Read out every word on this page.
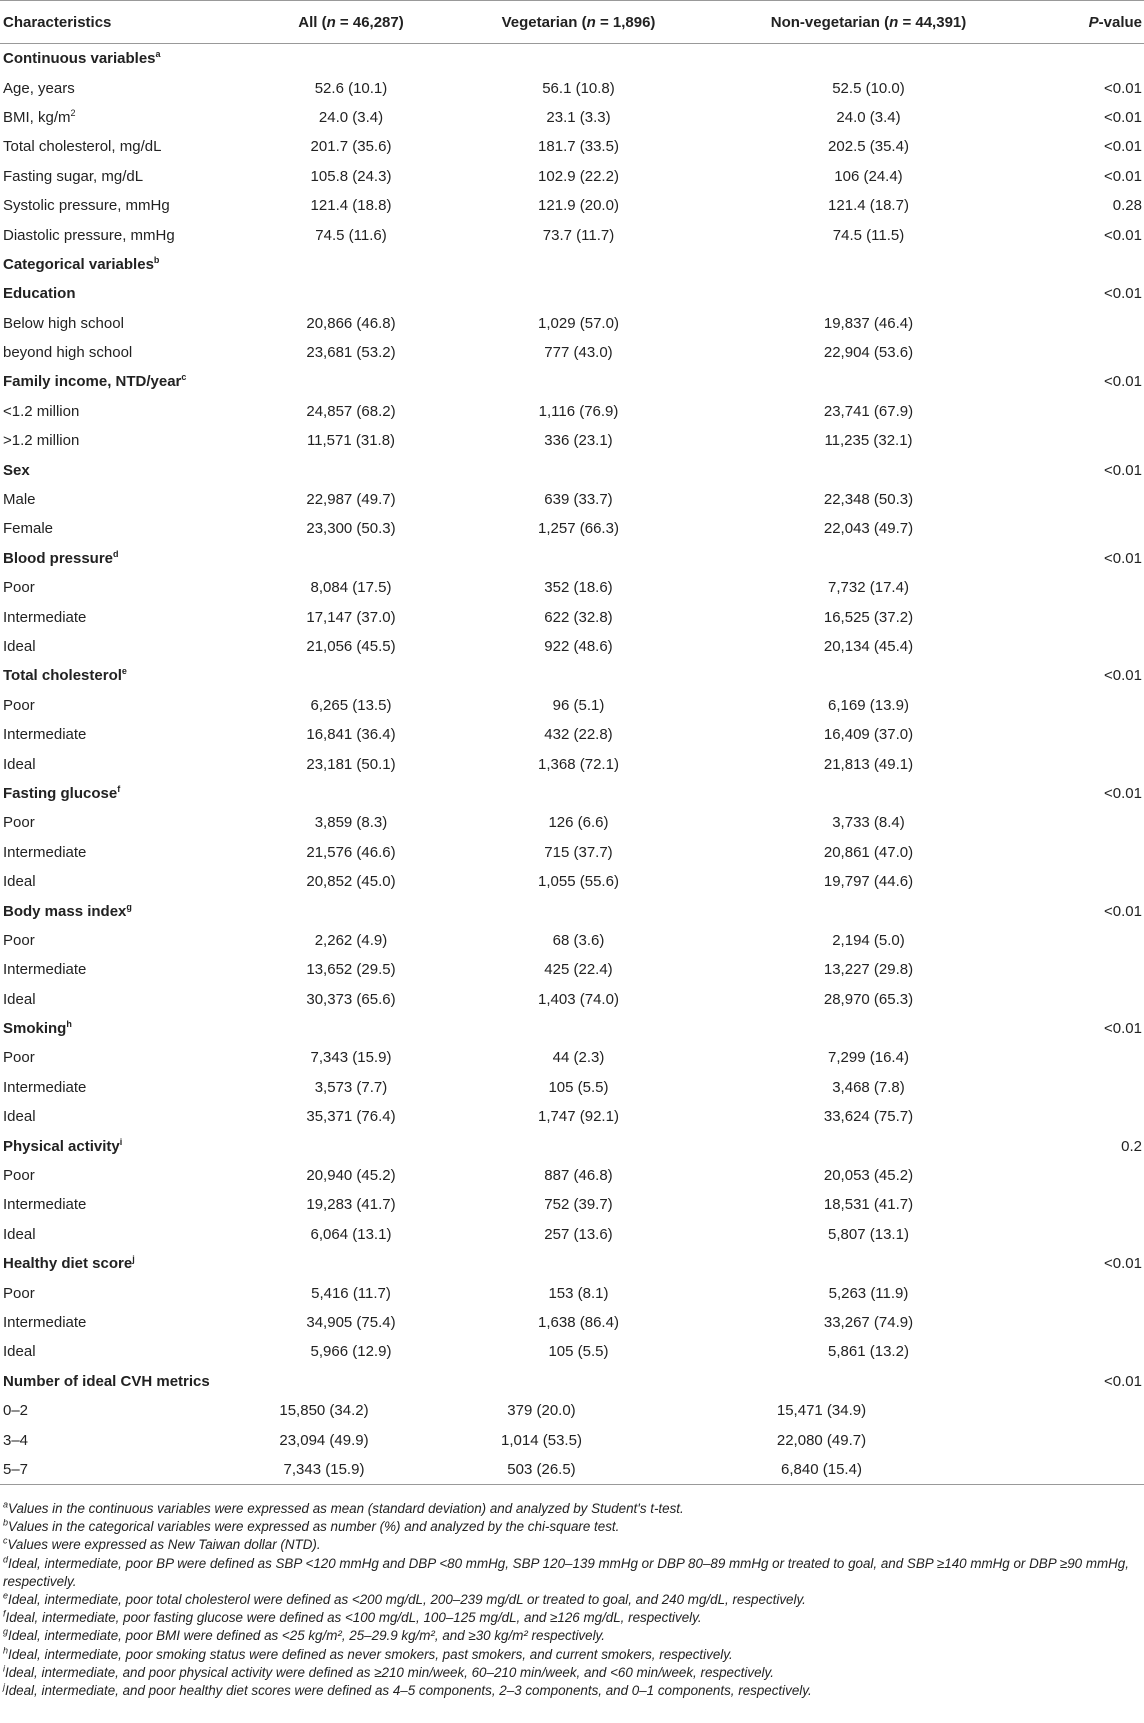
Characteristics	All (n = 46,287)	Vegetarian (n = 1,896)	Non-vegetarian (n = 44,391)	P-value
Continuous variables$^a$				
Age, years	52.6 (10.1)	56.1 (10.8)	52.5 (10.0)	<0.01
BMI, $kg/m^2$	24.0 (3.4)	23.1 (3.3)	24.0 (3.4)	<0.01
Total cholesterol, mg/dL	201.7 (35.6)	181.7 (33.5)	202.5 (35.4)	<0.01
Fasting sugar, mg/dL	105.8 (24.3)	102.9 (22.2)	106 (24.4)	<0.01
Systolic pressure, mmHg	121.4 (18.8)	121.9 (20.0)	121.4 (18.7)	0.28
Diastolic pressure, mmHg	74.5 (11.6)	73.7 (11.7)	74.5 (11.5)	<0.01
Categorical variables$^b$				
Education				<0.01
Below high school	20,866 (46.8)	1,029 (57.0)	19,837 (46.4)	
beyond high school	23,681 (53.2)	777 (43.0)	22,904 (53.6)	
Family income, NTD/year$^c$				<0.01
<1.2 million	24,857 (68.2)	1,116 (76.9)	23,741 (67.9)	
>1.2 million	11,571 (31.8)	336 (23.1)	11,235 (32.1)	
Sex				<0.01
Male	22,987 (49.7)	639 (33.7)	22,348 (50.3)	
Female	23,300 (50.3)	1,257 (66.3)	22,043 (49.7)	
Blood pressure$^d$				<0.01
Poor	8,084 (17.5)	352 (18.6)	7,732 (17.4)	
Intermediate	17,147 (37.0)	622 (32.8)	16,525 (37.2)	
Ideal	21,056 (45.5)	922 (48.6)	20,134 (45.4)	
Total cholesterol$^e$				<0.01
Poor	6,265 (13.5)	96 (5.1)	6,169 (13.9)	
Intermediate	16,841 (36.4)	432 (22.8)	16,409 (37.0)	
Ideal	23,181 (50.1)	1,368 (72.1)	21,813 (49.1)	
Fasting glucose$^f$				<0.01
Poor	3,859 (8.3)	126 (6.6)	3,733 (8.4)	
Intermediate	21,576 (46.6)	715 (37.7)	20,861 (47.0)	
Ideal	20,852 (45.0)	1,055 (55.6)	19,797 (44.6)	
Body mass index$^g$				<0.01
Poor	2,262 (4.9)	68 (3.6)	2,194 (5.0)	
Intermediate	13,652 (29.5)	425 (22.4)	13,227 (29.8)	
Ideal	30,373 (65.6)	1,403 (74.0)	28,970 (65.3)	
Smoking$^h$				<0.01
Poor	7,343 (15.9)	44 (2.3)	7,299 (16.4)	
Intermediate	3,573 (7.7)	105 (5.5)	3,468 (7.8)	
Ideal	35,371 (76.4)	1,747 (92.1)	33,624 (75.7)	
Physical activity$^i$				0.2
Poor	20,940 (45.2)	887 (46.8)	20,053 (45.2)	
Intermediate	19,283 (41.7)	752 (39.7)	18,531 (41.7)	
Ideal	6,064 (13.1)	257 (13.6)	5,807 (13.1)	
Healthy diet score$^j$				<0.01
Poor	5,416 (11.7)	153 (8.1)	5,263 (11.9)	
Intermediate	34,905 (75.4)	1,638 (86.4)	33,267 (74.9)	
Ideal	5,966 (12.9)	105 (5.5)	5,861 (13.2)	
Number of ideal CVH metrics				<0.01
0–2	15,850 (34.2)	379 (20.0)	15,471 (34.9)	
3–4	23,094 (49.9)	1,014 (53.5)	22,080 (49.7)	
5–7	7,343 (15.9)	503 (26.5)	6,840 (15.4)	

$^a$Values in the continuous variables were expressed as mean (standard deviation) and analyzed by Student's t-test.

$^b$Values in the categorical variables were expressed as number (%) and analyzed by the chi-square test.

$^c$Values were expressed as New Taiwan dollar (NTD).

$^d$Ideal, intermediate, poor BP were defined as SBP <120 mmHg and DBP <80 mmHg, SBP 120–139 mmHg or DBP 80–89 mmHg or treated to goal, and SBP ≥140 mmHg or DBP ≥90 mmHg, respectively.

$^e$Ideal, intermediate, poor total cholesterol were defined as <200 mg/dL, 200–239 mg/dL or treated to goal, and 240 mg/dL, respectively.

$^f$Ideal, intermediate, poor fasting glucose were defined as <100 mg/dL, 100–125 mg/dL, and ≥126 mg/dL, respectively.

$^g$Ideal, intermediate, poor BMI were defined as <25 kg/m², 25–29.9 kg/m², and ≥30 kg/m² respectively.

$^h$Ideal, intermediate, poor smoking status were defined as never smokers, past smokers, and current smokers, respectively.

$^i$Ideal, intermediate, and poor physical activity were defined as ≥210 min/week, 60–210 min/week, and <60 min/week, respectively.

$^j$Ideal, intermediate, and poor healthy diet scores were defined as 4–5 components, 2–3 components, and 0–1 components, respectively.
